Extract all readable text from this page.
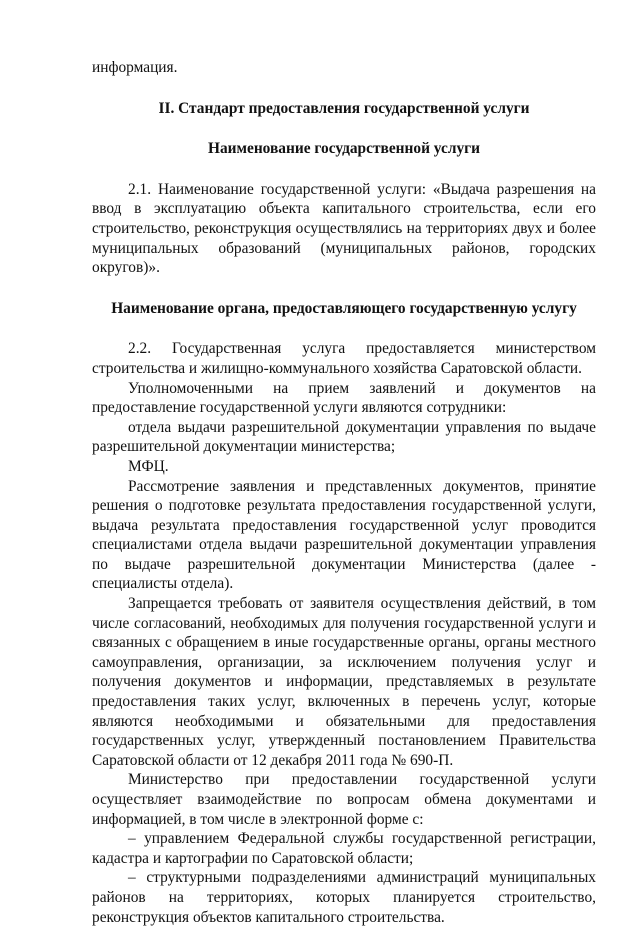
информация.

II. Стандарт предоставления государственной услуги

Наименование государственной услуги

2.1. Наименование государственной услуги: «Выдача разрешения на ввод в эксплуатацию объекта капитального строительства, если его строительство, реконструкция осуществлялись на территориях двух и более муниципальных образований (муниципальных районов, городских округов)».

Наименование органа, предоставляющего государственную услугу

2.2. Государственная услуга предоставляется министерством строительства и жилищно-коммунального хозяйства Саратовской области.

Уполномоченными на прием заявлений и документов на предоставление государственной услуги являются сотрудники:

отдела выдачи разрешительной документации управления по выдаче разрешительной документации министерства;

МФЦ.

Рассмотрение заявления и представленных документов, принятие решения о подготовке результата предоставления государственной услуги, выдача результата предоставления государственной услуг проводится специалистами отдела выдачи разрешительной документации управления по выдаче разрешительной документации Министерства (далее - специалисты отдела).

Запрещается требовать от заявителя осуществления действий, в том числе согласований, необходимых для получения государственной услуги и связанных с обращением в иные государственные органы, органы местного самоуправления, организации, за исключением получения услуг и получения документов и информации, представляемых в результате предоставления таких услуг, включенных в перечень услуг, которые являются необходимыми и обязательными для предоставления государственных услуг, утвержденный постановлением Правительства Саратовской области от 12 декабря 2011 года № 690-П.

Министерство при предоставлении государственной услуги осуществляет взаимодействие по вопросам обмена документами и информацией, в том числе в электронной форме с:

– управлением Федеральной службы государственной регистрации, кадастра и картографии по Саратовской области;

– структурными подразделениями администраций муниципальных районов на территориях, которых планируется строительство, реконструкция объектов капитального строительства.
